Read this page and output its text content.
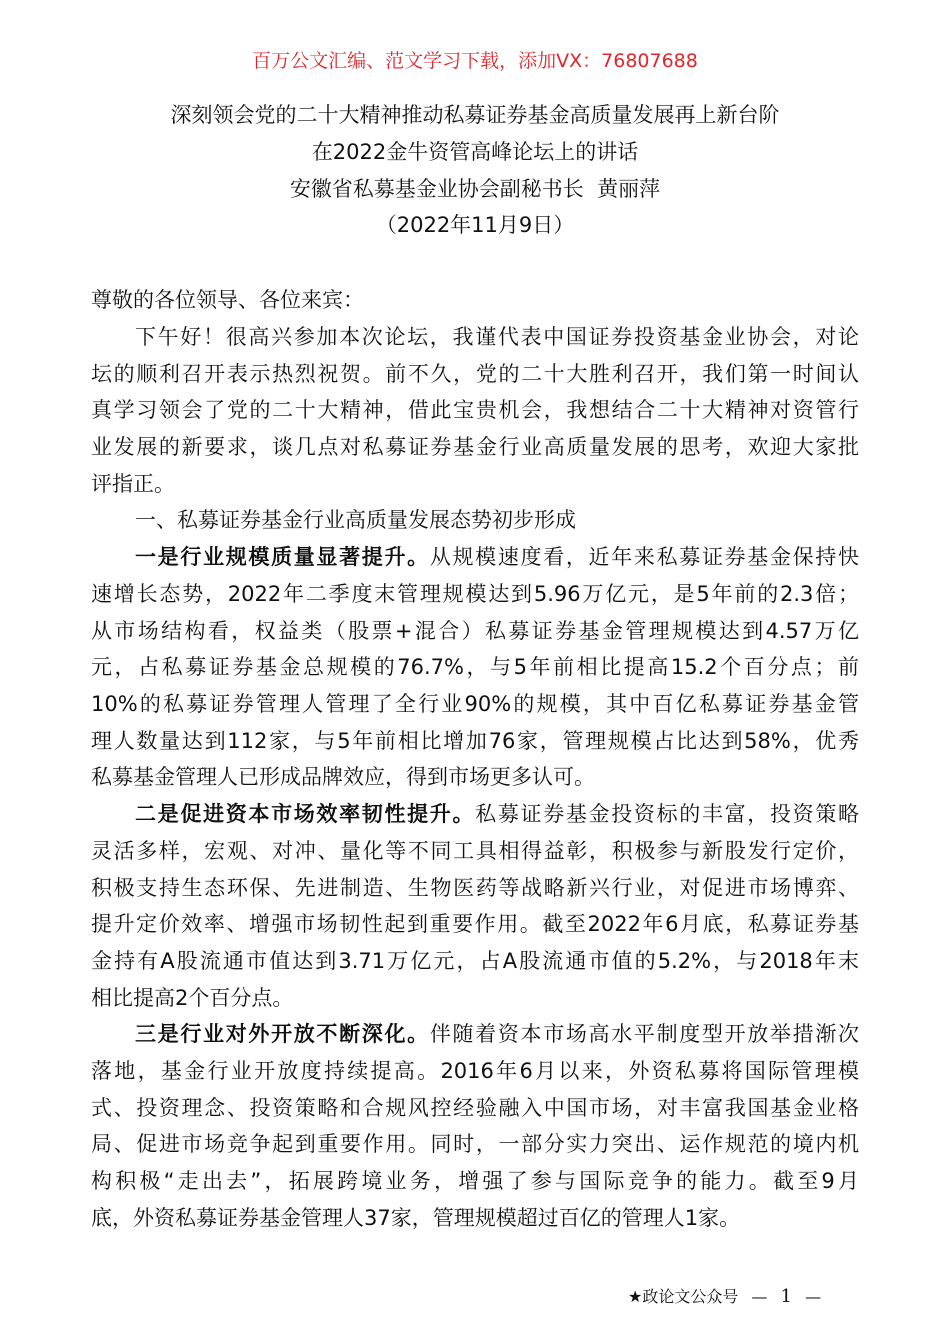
百万公文汇编、范文学习下载，添加VX：76807688
深刻领会党的二十大精神推动私募证券基金高质量发展再上新台阶
在2022金牛资管高峰论坛上的讲话
安徽省私募基金业协会副秘书长  黄丽萍
（2022年11月9日）
尊敬的各位领导、各位来宾：
下午好！很高兴参加本次论坛，我谨代表中国证券投资基金业协会，对论
坛的顺利召开表示热烈祝贺。前不久，党的二十大胜利召开，我们第一时间认
真学习领会了党的二十大精神，借此宝贵机会，我想结合二十大精神对资管行
业发展的新要求，谈几点对私募证券基金行业高质量发展的思考，欢迎大家批
评指正。
一、私募证券基金行业高质量发展态势初步形成
一是行业规模质量显著提升。从规模速度看，近年来私募证券基金保持快
速增长态势，2022年二季度末管理规模达到5.96万亿元，是5年前的2.3倍；
从市场结构看，权益类（股票+混合）私募证券基金管理规模达到4.57万亿
元，占私募证券基金总规模的76.7%，与5年前相比提高15.2个百分点；前
10%的私募证券管理人管理了全行业90%的规模，其中百亿私募证券基金管
理人数量达到112家，与5年前相比增加76家，管理规模占比达到58%，优秀
私募基金管理人已形成品牌效应，得到市场更多认可。
二是促进资本市场效率韧性提升。私募证券基金投资标的丰富，投资策略
灵活多样，宏观、对冲、量化等不同工具相得益彰，积极参与新股发行定价，
积极支持生态环保、先进制造、生物医药等战略新兴行业，对促进市场博弈、
提升定价效率、增强市场韧性起到重要作用。截至2022年6月底，私募证券基
金持有A股流通市值达到3.71万亿元，占A股流通市值的5.2%，与2018年末
相比提高2个百分点。
三是行业对外开放不断深化。伴随着资本市场高水平制度型开放举措渐次
落地，基金行业开放度持续提高。2016年6月以来，外资私募将国际管理模
式、投资理念、投资策略和合规风控经验融入中国市场，对丰富我国基金业格
局、促进市场竞争起到重要作用。同时，一部分实力突出、运作规范的境内机
构积极“走出去”，拓展跨境业务，增强了参与国际竞争的能力。截至9月
底，外资私募证券基金管理人37家，管理规模超过百亿的管理人1家。
★政论文公众号 — 1 —
